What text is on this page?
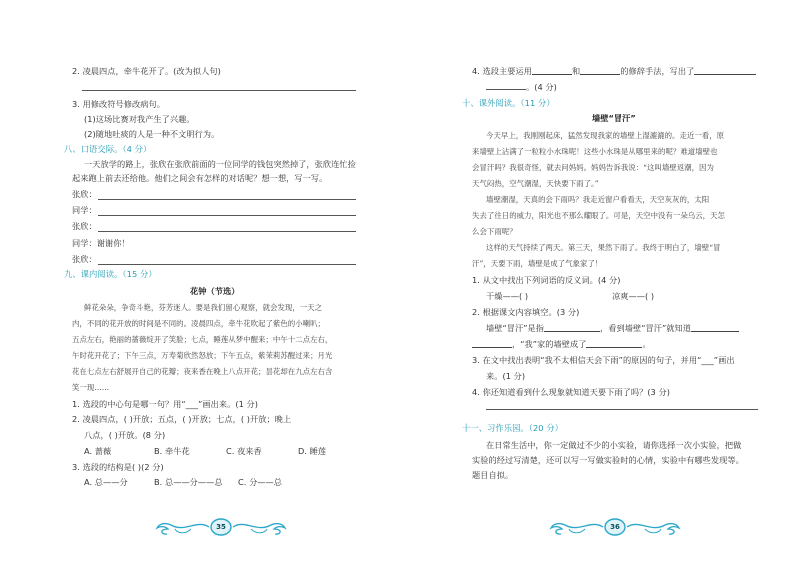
2. 凌晨四点，牵牛花开了。(改为拟人句)
3. 用修改符号修改病句。
(1)这场比赛对我产生了兴趣。
(2)随地吐痰的人是一种不文明行为。
八、口语交际。（4 分）
一天放学的路上，张欣在张欣前面的一位同学的钱包突然掉了，张欣连忙捡
起来跑上前去还给他。他们之间会有怎样的对话呢？想一想，写一写。
张欣：
同学：
张欣：
同学：谢谢你！
张欣：
九、课内阅读。（15 分）
花钟（节选）
鲜花朵朵，争奇斗艳，芬芳迷人。要是我们留心观察，就会发现，一天之
内，不同的花开放的时间是不同的。凌晨四点，牵牛花吹起了紫色的小喇叭；
五点左右，艳丽的蔷薇绽开了笑脸；七点，睡莲从梦中醒来；中午十二点左右，
午时花开花了；下午三点，万寿菊欣然怒放；下午五点，紫茉莉苏醒过来；月光
花在七点左右舒展开自己的花瓣；夜来香在晚上八点开花；昙花却在九点左右含
笑一现……
1. 选段的中心句是哪一句？用“___”画出来。(1 分)
2. 凌晨四点，( )开放；五点，( )开放；七点，( )开放；晚上
八点，( )开放。(8 分)
A. 蔷薇	B. 牵牛花	C. 夜来香	D. 睡莲
3. 选段的结构是( )(2 分)
A. 总——分	B. 总——分——总 C. 分——总
35
4. 选段主要运用	和	的修辞手法，写出了
。(4 分)
十、课外阅读。（11 分）
墙壁“冒汗”
今天早上，我刚刚起床，猛然发现我家的墙壁上湿漉漉的。走近一看，原
来墙壁上沾满了一粒粒小水珠呢！这些小水珠是从哪里来的呢？难道墙壁也
会冒汗吗？我很奇怪，就去问妈妈。妈妈告诉我说：“这叫墙壁返潮，因为
天气闷热，空气潮湿，天快要下雨了。”
墙壁潮湿，天真的会下雨吗？我走近窗户看看天，天空灰灰的，太阳
失去了往日的威力，阳光也不那么耀眼了。可是，天空中没有一朵乌云，天怎
么会下雨呢？
这样的天气持续了两天。第三天，果然下雨了。我终于明白了，墙壁“冒
汗”，天要下雨，墙壁是成了气象家了！
1. 从文中找出下列词语的反义词。(4 分)
干燥——( )	凉爽——( )
2. 根据课文内容填空。(3 分)
墙壁“冒汗”是指	，看到墙壁“冒汗”就知道
，“我”家的墙壁成了	。
3. 在文中找出表明“我不太相信天会下雨”的原因的句子，并用“___”画出
来。(1 分)
4. 你还知道看到什么现象就知道天要下雨了吗？(3 分)
十一、习作乐园。（20 分）
在日常生活中，你一定做过不少的小实验，请你选择一次小实验，把做
实验的经过写清楚，还可以写一写做实验时的心情，实验中有哪些发现等。
题目自拟。
36
